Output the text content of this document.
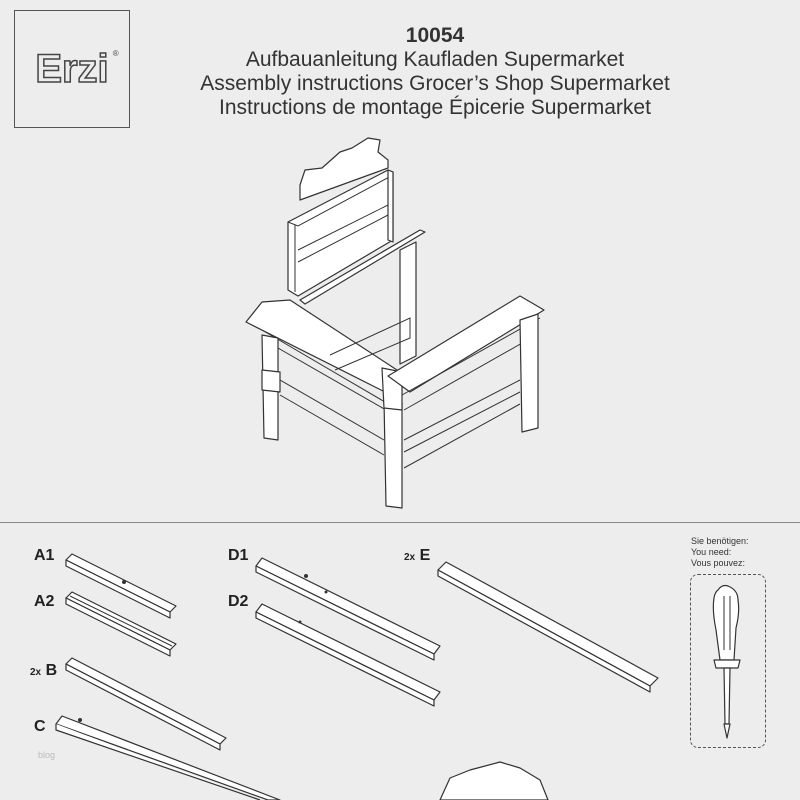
Erzi ®
10054
Aufbauanleitung Kaufladen Supermarket
Assembly instructions Grocer’s Shop Supermarket
Instructions de montage Épicerie Supermarket
A1
A2
2x B
C
D1
D2
2x E
Sie benötigen:
You need:
Vous pouvez:
blog
